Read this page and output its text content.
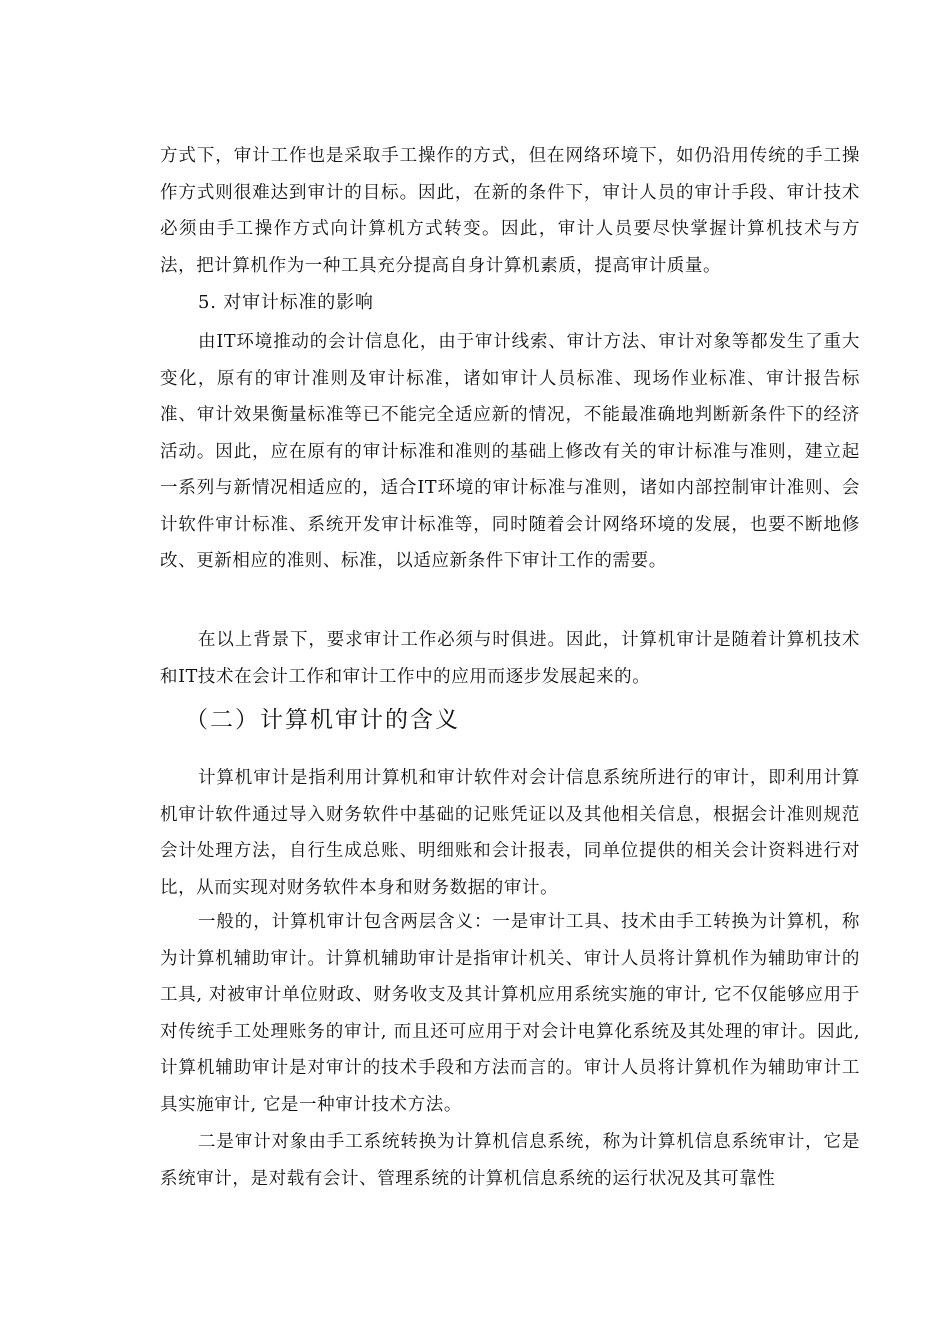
方式下，审计工作也是采取手工操作的方式，但在网络环境下，如仍沿用传统的手工操作方式则很难达到审计的目标。因此，在新的条件下，审计人员的审计手段、审计技术必须由手工操作方式向计算机方式转变。因此，审计人员要尽快掌握计算机技术与方法，把计算机作为一种工具充分提高自身计算机素质，提高审计质量。

5. 对审计标准的影响

由IT环境推动的会计信息化，由于审计线索、审计方法、审计对象等都发生了重大变化，原有的审计准则及审计标准，诸如审计人员标准、现场作业标准、审计报告标准、审计效果衡量标准等已不能完全适应新的情况，不能最准确地判断新条件下的经济活动。因此，应在原有的审计标准和准则的基础上修改有关的审计标准与准则，建立起一系列与新情况相适应的，适合IT环境的审计标准与准则，诸如内部控制审计准则、会计软件审计标准、系统开发审计标准等，同时随着会计网络环境的发展，也要不断地修改、更新相应的准则、标准，以适应新条件下审计工作的需要。

在以上背景下，要求审计工作必须与时俱进。因此，计算机审计是随着计算机技术和IT技术在会计工作和审计工作中的应用而逐步发展起来的。

（二）计算机审计的含义

计算机审计是指利用计算机和审计软件对会计信息系统所进行的审计，即利用计算机审计软件通过导入财务软件中基础的记账凭证以及其他相关信息，根据会计准则规范会计处理方法，自行生成总账、明细账和会计报表，同单位提供的相关会计资料进行对比，从而实现对财务软件本身和财务数据的审计。

一般的，计算机审计包含两层含义：一是审计工具、技术由手工转换为计算机，称为计算机辅助审计。计算机辅助审计是指审计机关、审计人员将计算机作为辅助审计的工具, 对被审计单位财政、财务收支及其计算机应用系统实施的审计, 它不仅能够应用于对传统手工处理账务的审计, 而且还可应用于对会计电算化系统及其处理的审计。因此,计算机辅助审计是对审计的技术手段和方法而言的。审计人员将计算机作为辅助审计工具实施审计, 它是一种审计技术方法。

二是审计对象由手工系统转换为计算机信息系统，称为计算机信息系统审计，它是系统审计，是对载有会计、管理系统的计算机信息系统的运行状况及其可靠性
